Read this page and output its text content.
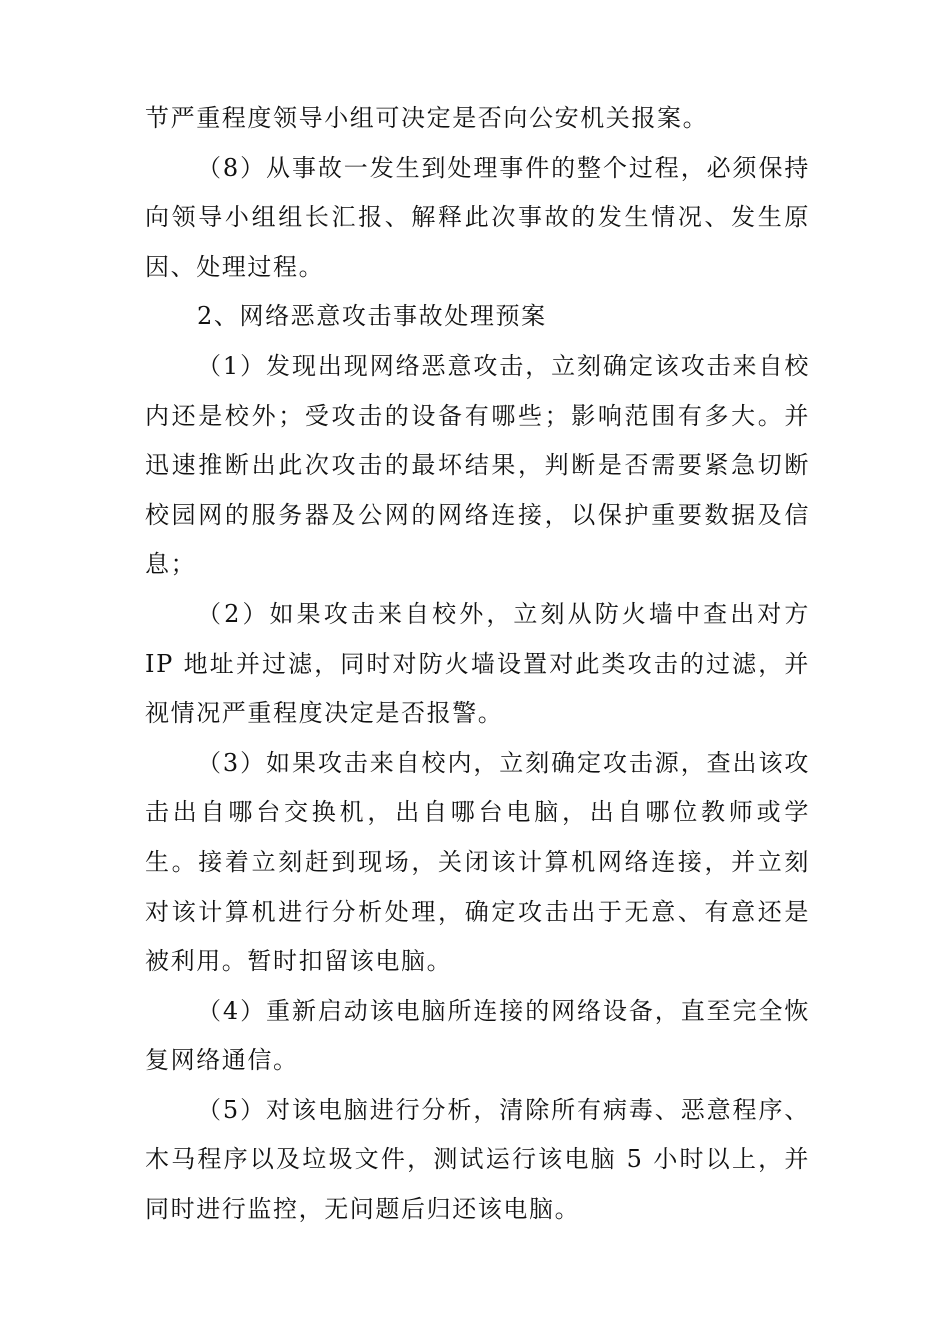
节严重程度领导小组可决定是否向公安机关报案。

（8）从事故一发生到处理事件的整个过程，必须保持向领导小组组长汇报、解释此次事故的发生情况、发生原因、处理过程。

2、网络恶意攻击事故处理预案

（1）发现出现网络恶意攻击，立刻确定该攻击来自校内还是校外；受攻击的设备有哪些；影响范围有多大。并迅速推断出此次攻击的最坏结果，判断是否需要紧急切断校园网的服务器及公网的网络连接，以保护重要数据及信息；

（2）如果攻击来自校外，立刻从防火墙中查出对方 IP 地址并过滤，同时对防火墙设置对此类攻击的过滤，并视情况严重程度决定是否报警。

（3）如果攻击来自校内，立刻确定攻击源，查出该攻击出自哪台交换机，出自哪台电脑，出自哪位教师或学生。接着立刻赶到现场，关闭该计算机网络连接，并立刻对该计算机进行分析处理，确定攻击出于无意、有意还是被利用。暂时扣留该电脑。

（4）重新启动该电脑所连接的网络设备，直至完全恢复网络通信。

（5）对该电脑进行分析，清除所有病毒、恶意程序、木马程序以及垃圾文件，测试运行该电脑 5 小时以上，并同时进行监控，无问题后归还该电脑。
